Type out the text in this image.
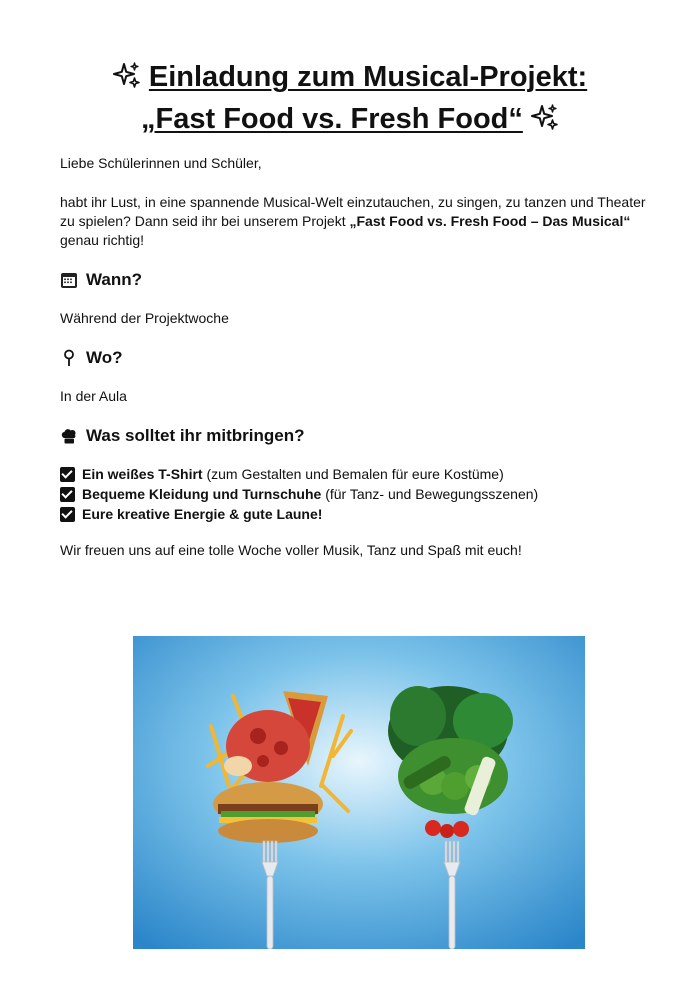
Einladung zum Musical-Projekt:
„Fast Food vs. Fresh Food“

Liebe Schülerinnen und Schüler,

habt ihr Lust, in eine spannende Musical-Welt einzutauchen, zu singen, zu tanzen und Theater zu spielen? Dann seid ihr bei unserem Projekt „Fast Food vs. Fresh Food – Das Musical“ genau richtig!

Wann?

Während der Projektwoche

Wo?

In der Aula

Was solltet ihr mitbringen?
Ein weißes T-Shirt (zum Gestalten und Bemalen für eure Kostüme)
Bequeme Kleidung und Turnschuhe (für Tanz- und Bewegungsszenen)
Eure kreative Energie & gute Laune!

Wir freuen uns auf eine tolle Woche voller Musik, Tanz und Spaß mit euch!
